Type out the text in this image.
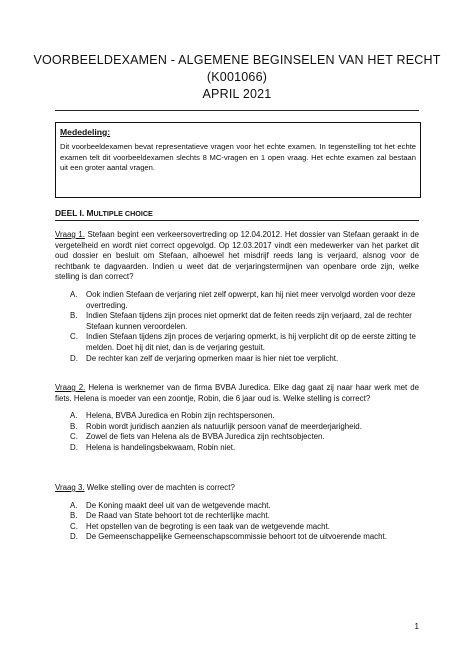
VOORBEELDEXAMEN - ALGEMENE BEGINSELEN VAN HET RECHT
(K001066)
APRIL 2021
Mededeling:
Dit voorbeeldexamen bevat representatieve vragen voor het echte examen. In tegenstelling tot het echte examen telt dit voorbeeldexamen slechts 8 MC-vragen en 1 open vraag. Het echte examen zal bestaan uit een groter aantal vragen.
DEEL I. MULTIPLE CHOICE
Vraag 1. Stefaan begint een verkeersovertreding op 12.04.2012. Het dossier van Stefaan geraakt in de vergetelheid en wordt niet correct opgevolgd. Op 12.03.2017 vindt een medewerker van het parket dit oud dossier en besluit om Stefaan, alhoewel het misdrijf reeds lang is verjaard, alsnog voor de rechtbank te dagvaarden. Indien u weet dat de verjaringstermijnen van openbare orde zijn, welke stelling is dan correct?
A.	Ook indien Stefaan de verjaring niet zelf opwerpt, kan hij niet meer vervolgd worden voor deze overtreding.
B.	Indien Stefaan tijdens zijn proces niet opmerkt dat de feiten reeds zijn verjaard, zal de rechter Stefaan kunnen veroordelen.
C.	Indien Stefaan tijdens zijn proces de verjaring opmerkt, is hij verplicht dit op de eerste zitting te melden. Doet hij dit niet, dan is de verjaring gestuit.
D.	De rechter kan zelf de verjaring opmerken maar is hier niet toe verplicht.
Vraag 2. Helena is werknemer van de firma BVBA Juredica. Elke dag gaat zij naar haar werk met de fiets. Helena is moeder van een zoontje, Robin, die 6 jaar oud is. Welke stelling is correct?
A.	Helena, BVBA Juredica en Robin zijn rechtspersonen.
B.	Robin wordt juridisch aanzien als natuurlijk persoon vanaf de meerderjarigheid.
C.	Zowel de fiets van Helena als de BVBA Juredica zijn rechtsobjecten.
D.	Helena is handelingsbekwaam, Robin niet.
Vraag 3. Welke stelling over de machten is correct?
A.	De Koning maakt deel uit van de wetgevende macht.
B.	De Raad van State behoort tot de rechterlijke macht.
C.	Het opstellen van de begroting is een taak van de wetgevende macht.
D.	De Gemeenschappelijke Gemeenschapscommissie behoort tot de uitvoerende macht.
1
